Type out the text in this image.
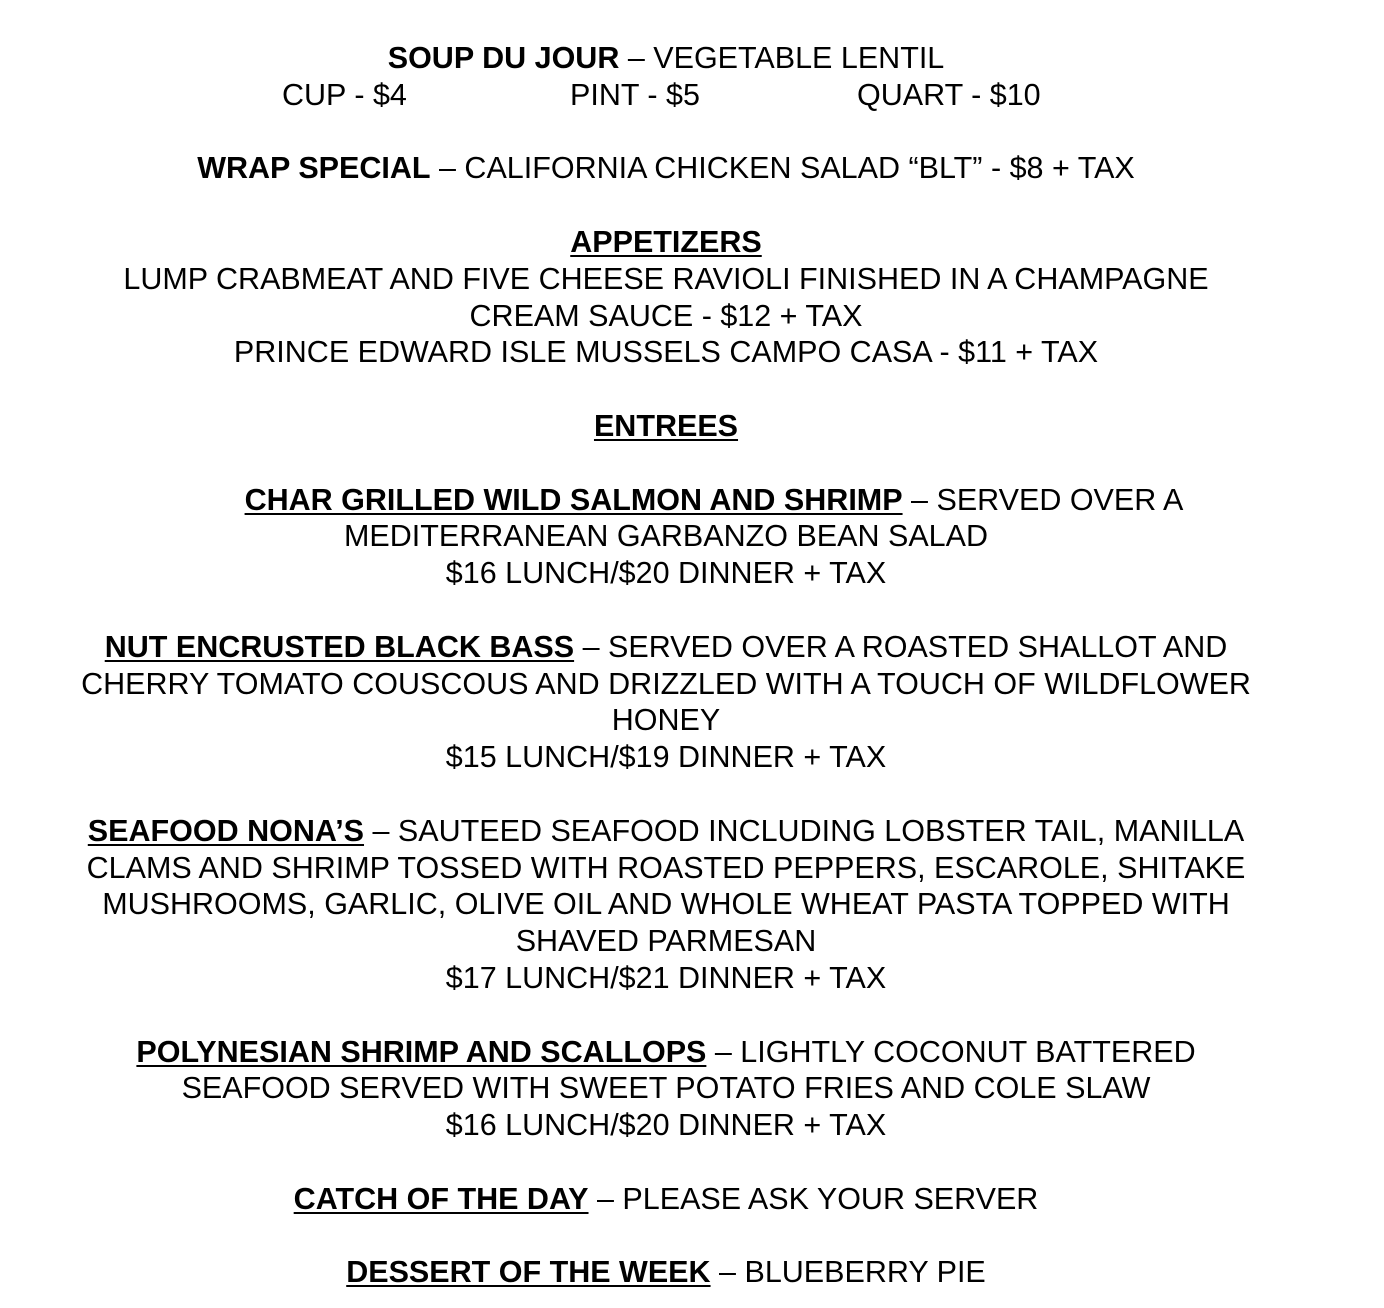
SOUP DU JOUR – VEGETABLE LENTIL
CUP - $4	PINT - $5	QUART - $10
WRAP SPECIAL – CALIFORNIA CHICKEN SALAD “BLT” - $8 + TAX
APPETIZERS
LUMP CRABMEAT AND FIVE CHEESE RAVIOLI FINISHED IN A CHAMPAGNE
CREAM SAUCE - $12 + TAX
PRINCE EDWARD ISLE MUSSELS CAMPO CASA - $11 + TAX
ENTREES
CHAR GRILLED WILD SALMON AND SHRIMP – SERVED OVER A
MEDITERRANEAN GARBANZO BEAN SALAD
$16 LUNCH/$20 DINNER + TAX
NUT ENCRUSTED BLACK BASS – SERVED OVER A ROASTED SHALLOT AND
CHERRY TOMATO COUSCOUS AND DRIZZLED WITH A TOUCH OF WILDFLOWER
HONEY
$15 LUNCH/$19 DINNER + TAX
SEAFOOD NONA’S – SAUTEED SEAFOOD INCLUDING LOBSTER TAIL, MANILLA
CLAMS AND SHRIMP TOSSED WITH ROASTED PEPPERS, ESCAROLE, SHITAKE
MUSHROOMS, GARLIC, OLIVE OIL AND WHOLE WHEAT PASTA TOPPED WITH
SHAVED PARMESAN
$17 LUNCH/$21 DINNER + TAX
POLYNESIAN SHRIMP AND SCALLOPS – LIGHTLY COCONUT BATTERED
SEAFOOD SERVED WITH SWEET POTATO FRIES AND COLE SLAW
$16 LUNCH/$20 DINNER + TAX
CATCH OF THE DAY – PLEASE ASK YOUR SERVER
DESSERT OF THE WEEK – BLUEBERRY PIE
